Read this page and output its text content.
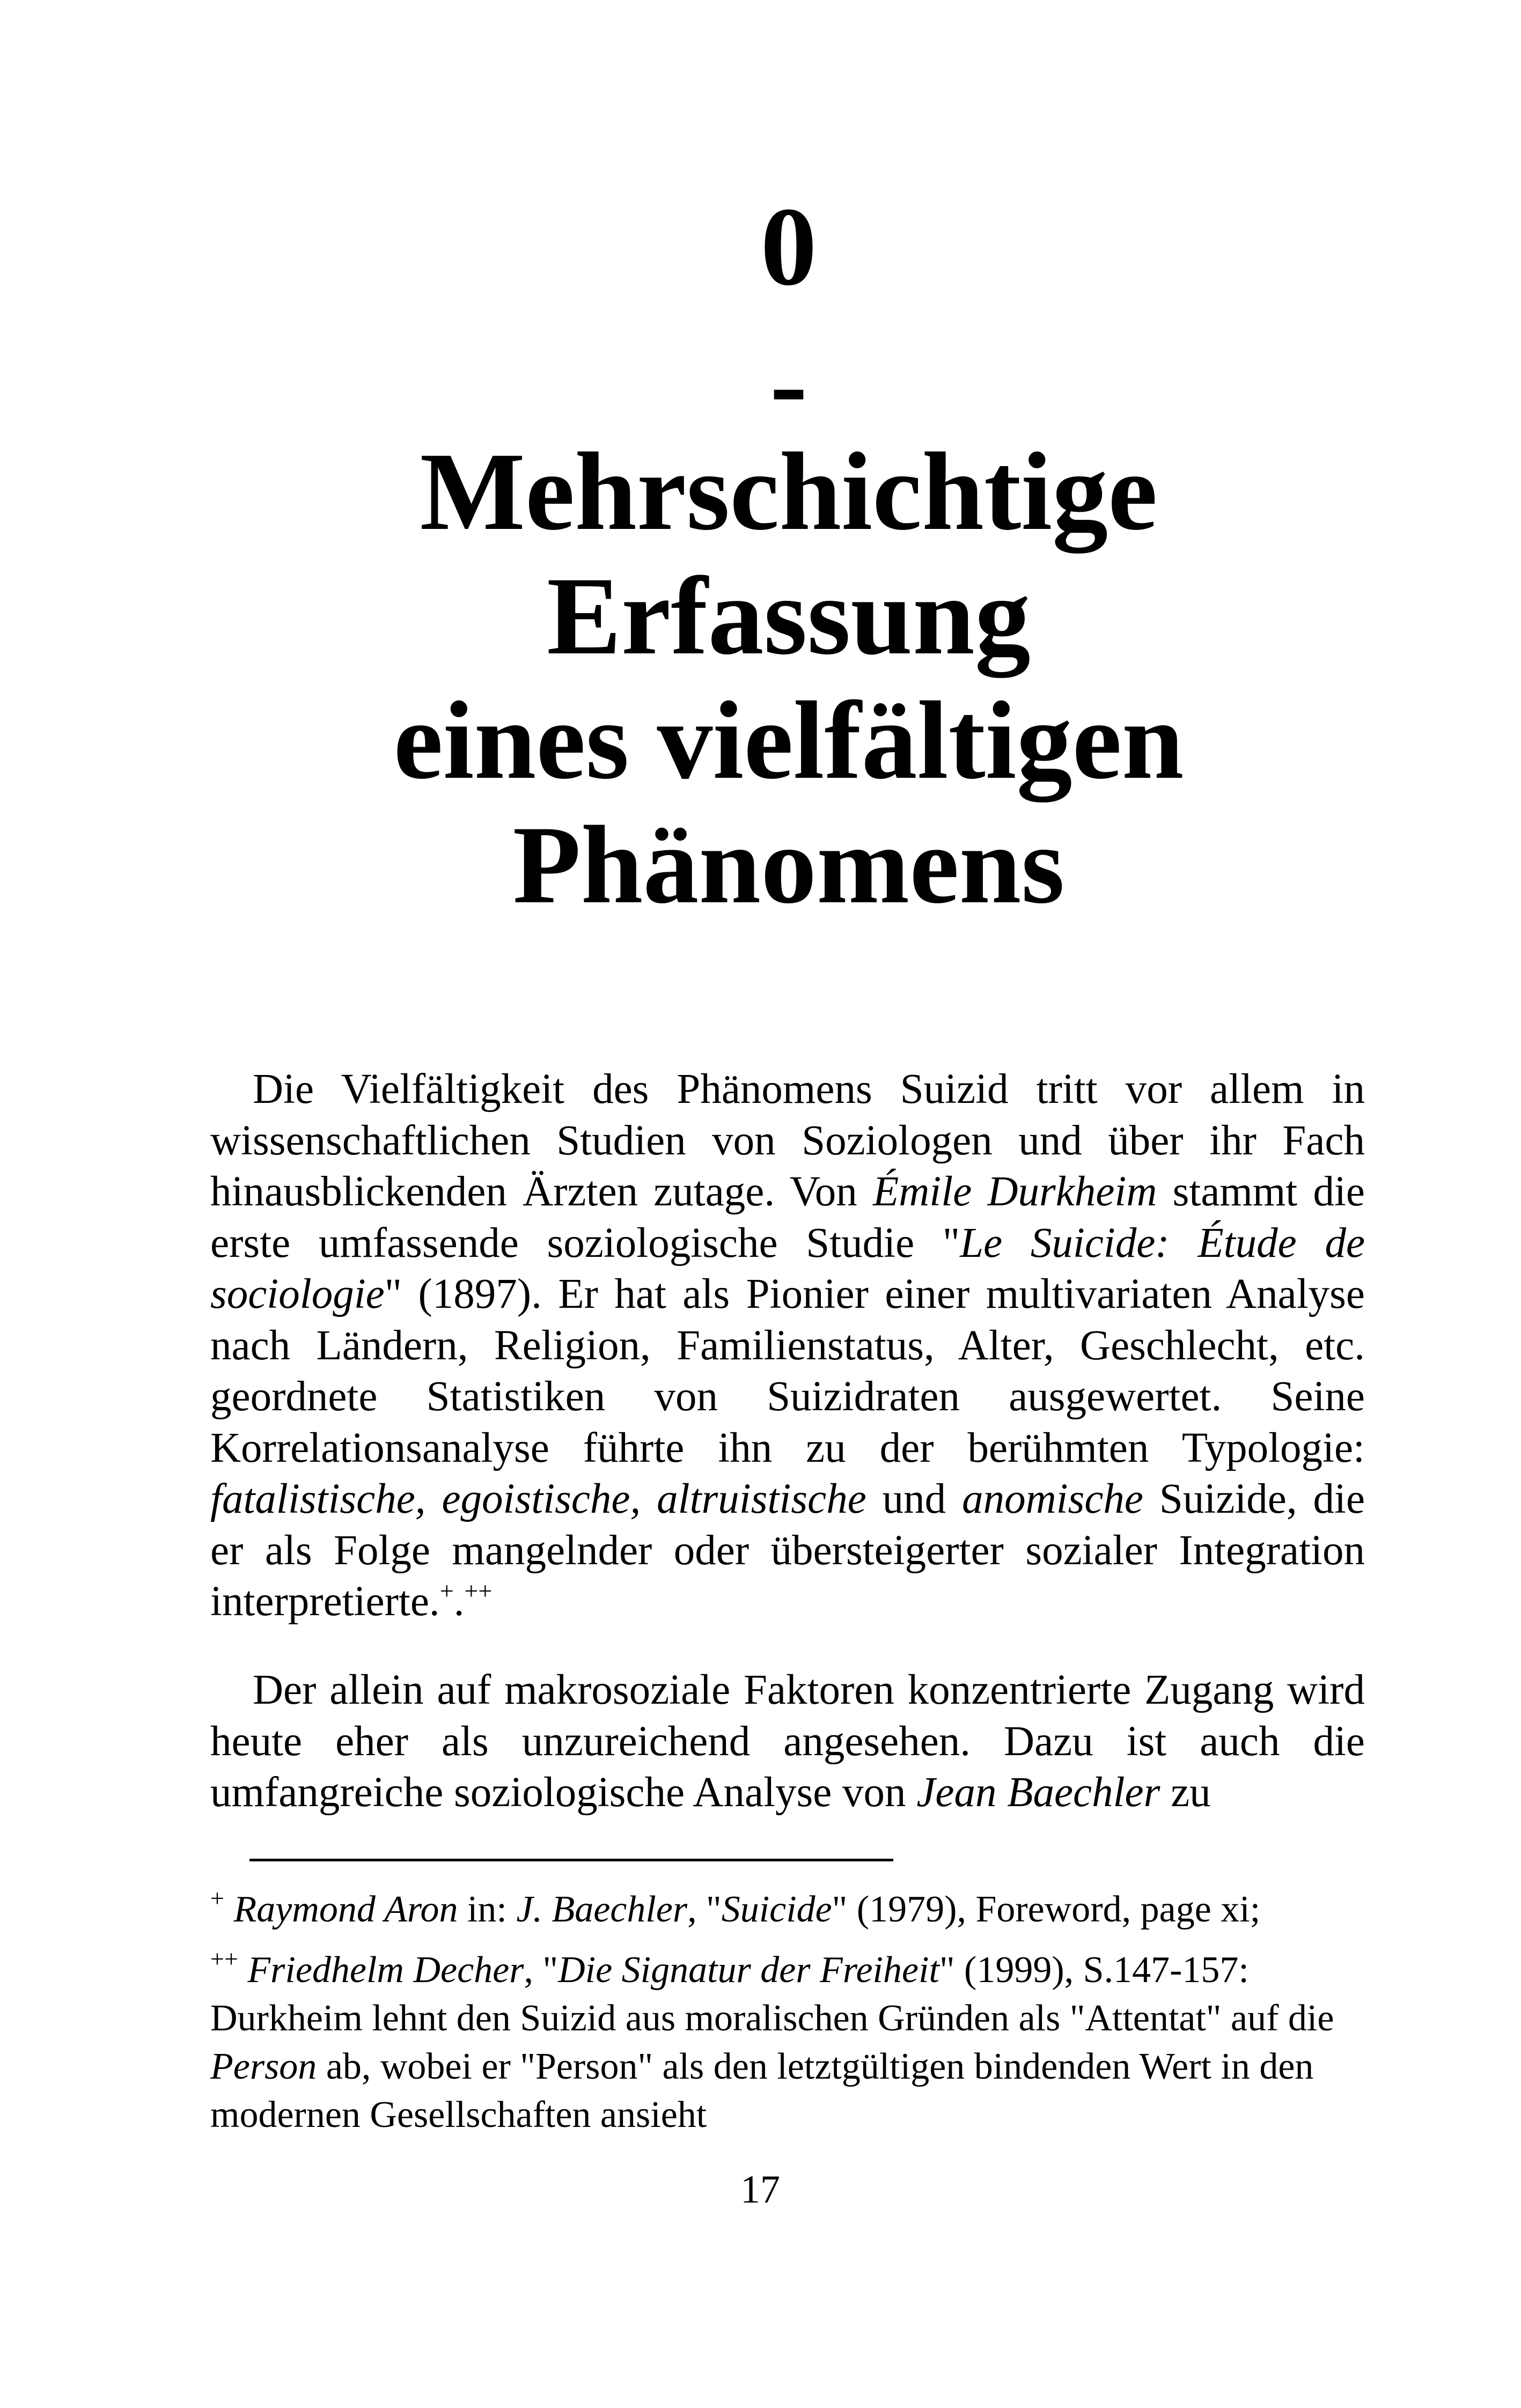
0
-
Mehrschichtige
Erfassung
eines vielfältigen
Phänomens

Die Vielfältigkeit des Phänomens Suizid tritt vor allem in wissenschaftlichen Studien von Soziologen und über ihr Fach hinausblickenden Ärzten zutage. Von Émile Durkheim stammt die erste umfassende soziologische Studie "Le Suicide: Étude de sociologie" (1897). Er hat als Pionier einer multivariaten Analyse nach Ländern, Religion, Familienstatus, Alter, Geschlecht, etc. geordnete Statistiken von Suizidraten ausgewertet. Seine Korrelationsanalyse führte ihn zu der berühmten Typologie: fatalistische, egoistische, altruistische und anomische Suizide, die er als Folge mangelnder oder übersteigerter sozialer Integration interpretierte.+.++

Der allein auf makrosoziale Faktoren konzentrierte Zugang wird heute eher als unzureichend angesehen. Dazu ist auch die umfangreiche soziologische Analyse von Jean Baechler zu

+ Raymond Aron in: J. Baechler, "Suicide" (1979), Foreword, page xi;

++ Friedhelm Decher, "Die Signatur der Freiheit" (1999), S.147-157: Durkheim lehnt den Suizid aus moralischen Gründen als "Attentat" auf die Person ab, wobei er "Person" als den letztgültigen bindenden Wert in den modernen Gesellschaften ansieht

17
